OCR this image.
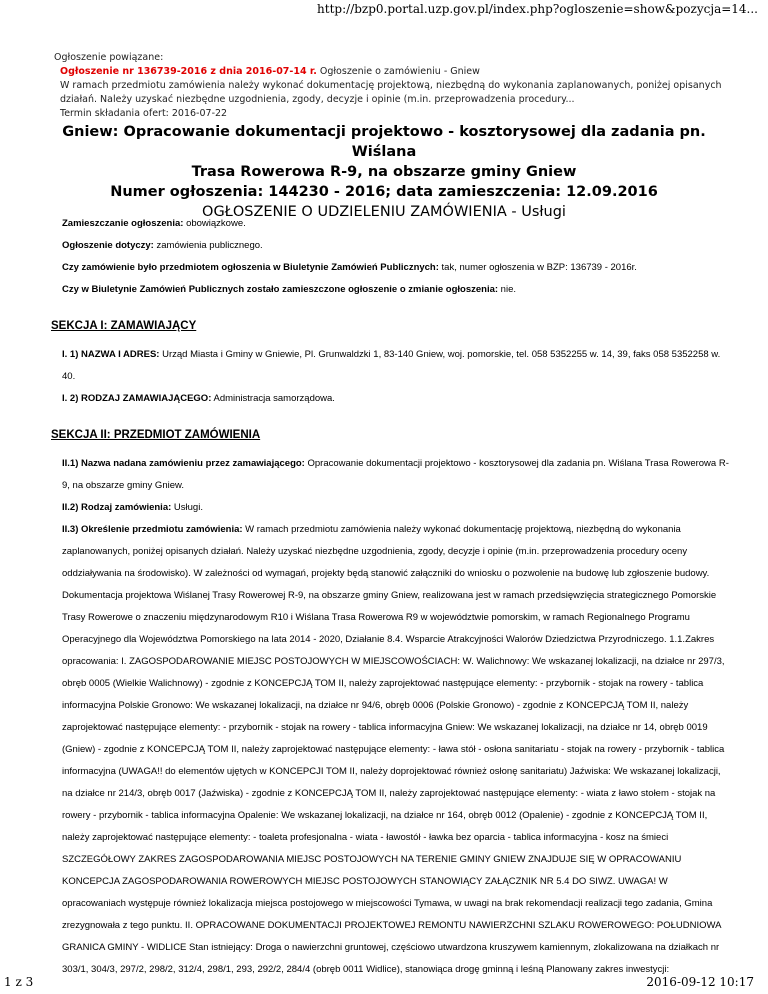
http://bzp0.portal.uzp.gov.pl/index.php?ogloszenie=show&pozycja=14...
Ogłoszenie powiązane:
Ogłoszenie nr 136739-2016 z dnia 2016-07-14 r. Ogłoszenie o zamówieniu - Gniew
W ramach przedmiotu zamówienia należy wykonać dokumentację projektową, niezbędną do wykonania zaplanowanych, poniżej opisanych działań. Należy uzyskać niezbędne uzgodnienia, zgody, decyzje i opinie (m.in. przeprowadzenia procedury...
Termin składania ofert: 2016-07-22
Gniew: Opracowanie dokumentacji projektowo - kosztorysowej dla zadania pn. Wiślana
Trasa Rowerowa R-9, na obszarze gminy Gniew
Numer ogłoszenia: 144230 - 2016; data zamieszczenia: 12.09.2016
OGŁOSZENIE O UDZIELENIU ZAMÓWIENIA - Usługi

Zamieszczanie ogłoszenia: obowiązkowe.

Ogłoszenie dotyczy: zamówienia publicznego.

Czy zamówienie było przedmiotem ogłoszenia w Biuletynie Zamówień Publicznych: tak, numer ogłoszenia w BZP: 136739 - 2016r.

Czy w Biuletynie Zamówień Publicznych zostało zamieszczone ogłoszenie o zmianie ogłoszenia: nie.

SEKCJA I: ZAMAWIAJĄCY

I. 1) NAZWA I ADRES: Urząd Miasta i Gminy w Gniewie, Pl. Grunwaldzki 1, 83-140 Gniew, woj. pomorskie, tel. 058 5352255 w. 14, 39, faks 058 5352258 w. 40.

I. 2) RODZAJ ZAMAWIAJĄCEGO: Administracja samorządowa.

SEKCJA II: PRZEDMIOT ZAMÓWIENIA

II.1) Nazwa nadana zamówieniu przez zamawiającego: Opracowanie dokumentacji projektowo - kosztorysowej dla zadania pn. Wiślana Trasa Rowerowa R-9, na obszarze gminy Gniew.

II.2) Rodzaj zamówienia: Usługi.

II.3) Określenie przedmiotu zamówienia: W ramach przedmiotu zamówienia należy wykonać dokumentację projektową, niezbędną do wykonania zaplanowanych, poniżej opisanych działań. Należy uzyskać niezbędne uzgodnienia, zgody, decyzje i opinie (m.in. przeprowadzenia procedury oceny oddziaływania na środowisko). W zależności od wymagań, projekty będą stanowić załączniki do wniosku o pozwolenie na budowę lub zgłoszenie budowy. Dokumentacja projektowa Wiślanej Trasy Rowerowej R-9, na obszarze gminy Gniew, realizowana jest w ramach przedsięwzięcia strategicznego Pomorskie Trasy Rowerowe o znaczeniu międzynarodowym R10 i Wiślana Trasa Rowerowa R9 w województwie pomorskim, w ramach Regionalnego Programu Operacyjnego dla Województwa Pomorskiego na lata 2014 - 2020, Działanie 8.4. Wsparcie Atrakcyjności Walorów Dziedzictwa Przyrodniczego. 1.1.Zakres opracowania: I. ZAGOSPODAROWANIE MIEJSC POSTOJOWYCH W MIEJSCOWOŚCIACH: W. Walichnowy: We wskazanej lokalizacji, na działce nr 297/3, obręb 0005 (Wielkie Walichnowy) - zgodnie z KONCEPCJĄ TOM II, należy zaprojektować następujące elementy: - przybornik - stojak na rowery - tablica informacyjna Polskie Gronowo: We wskazanej lokalizacji, na działce nr 94/6, obręb 0006 (Polskie Gronowo) - zgodnie z KONCEPCJĄ TOM II, należy zaprojektować następujące elementy: - przybornik - stojak na rowery - tablica informacyjna Gniew: We wskazanej lokalizacji, na działce nr 14, obręb 0019 (Gniew) - zgodnie z KONCEPCJĄ TOM II, należy zaprojektować następujące elementy: - ława stół - osłona sanitariatu - stojak na rowery - przybornik - tablica informacyjna (UWAGA!! do elementów ujętych w KONCEPCJI TOM II, należy doprojektować również osłonę sanitariatu) Jaźwiska: We wskazanej lokalizacji, na działce nr 214/3, obręb 0017 (Jaźwiska) - zgodnie z KONCEPCJĄ TOM II, należy zaprojektować następujące elementy: - wiata z ławo stołem - stojak na rowery - przybornik - tablica informacyjna Opalenie: We wskazanej lokalizacji, na działce nr 164, obręb 0012 (Opalenie) - zgodnie z KONCEPCJĄ TOM II, należy zaprojektować następujące elementy: - toaleta profesjonalna - wiata - ławostół - ławka bez oparcia - tablica informacyjna - kosz na śmieci SZCZEGÓŁOWY ZAKRES ZAGOSPODAROWANIA MIEJSC POSTOJOWYCH NA TERENIE GMINY GNIEW ZNAJDUJE SIĘ W OPRACOWANIU KONCEPCJA ZAGOSPODAROWANIA ROWEROWYCH MIEJSC POSTOJOWYCH STANOWIĄCY ZAŁĄCZNIK NR 5.4 DO SIWZ. UWAGA! W opracowaniach występuje również lokalizacja miejsca postojowego w miejscowości Tymawa, w uwagi na brak rekomendacji realizacji tego zadania, Gmina zrezygnowała z tego punktu. II. OPRACOWANE DOKUMENTACJI PROJEKTOWEJ REMONTU NAWIERZCHNI SZLAKU ROWEROWEGO: POŁUDNIOWA GRANICA GMINY - WIDLICE Stan istniejący: Droga o nawierzchni gruntowej, częściowo utwardzona kruszywem kamiennym, zlokalizowana na działkach nr 303/1, 304/3, 297/2, 298/2, 312/4, 298/1, 293, 292/2, 284/4 (obręb 0011 Widlice), stanowiąca drogę gminną i leśną Planowany zakres inwestycji:

1 z 3	2016-09-12 10:17
